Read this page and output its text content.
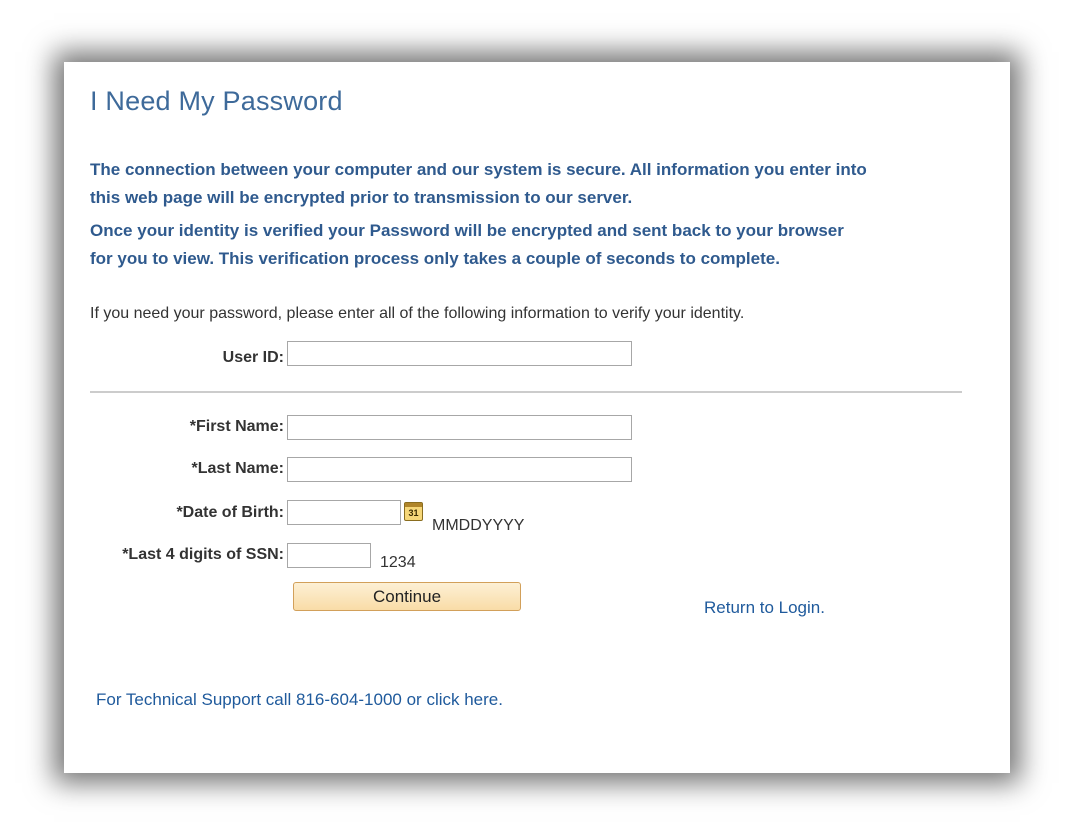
I Need My Password
The connection between your computer and our system is secure. All information you enter into this web page will be encrypted prior to transmission to our server.
Once your identity is verified your Password will be encrypted and sent back to your browser for you to view. This verification process only takes a couple of seconds to complete.
If you need your password, please enter all of the following information to verify your identity.
User ID:
*First Name:
*Last Name:
*Date of Birth:	31
MMDDYYYY
*Last 4 digits of SSN:	1234
Continue
Return to Login.
For Technical Support call 816-604-1000 or click here.
